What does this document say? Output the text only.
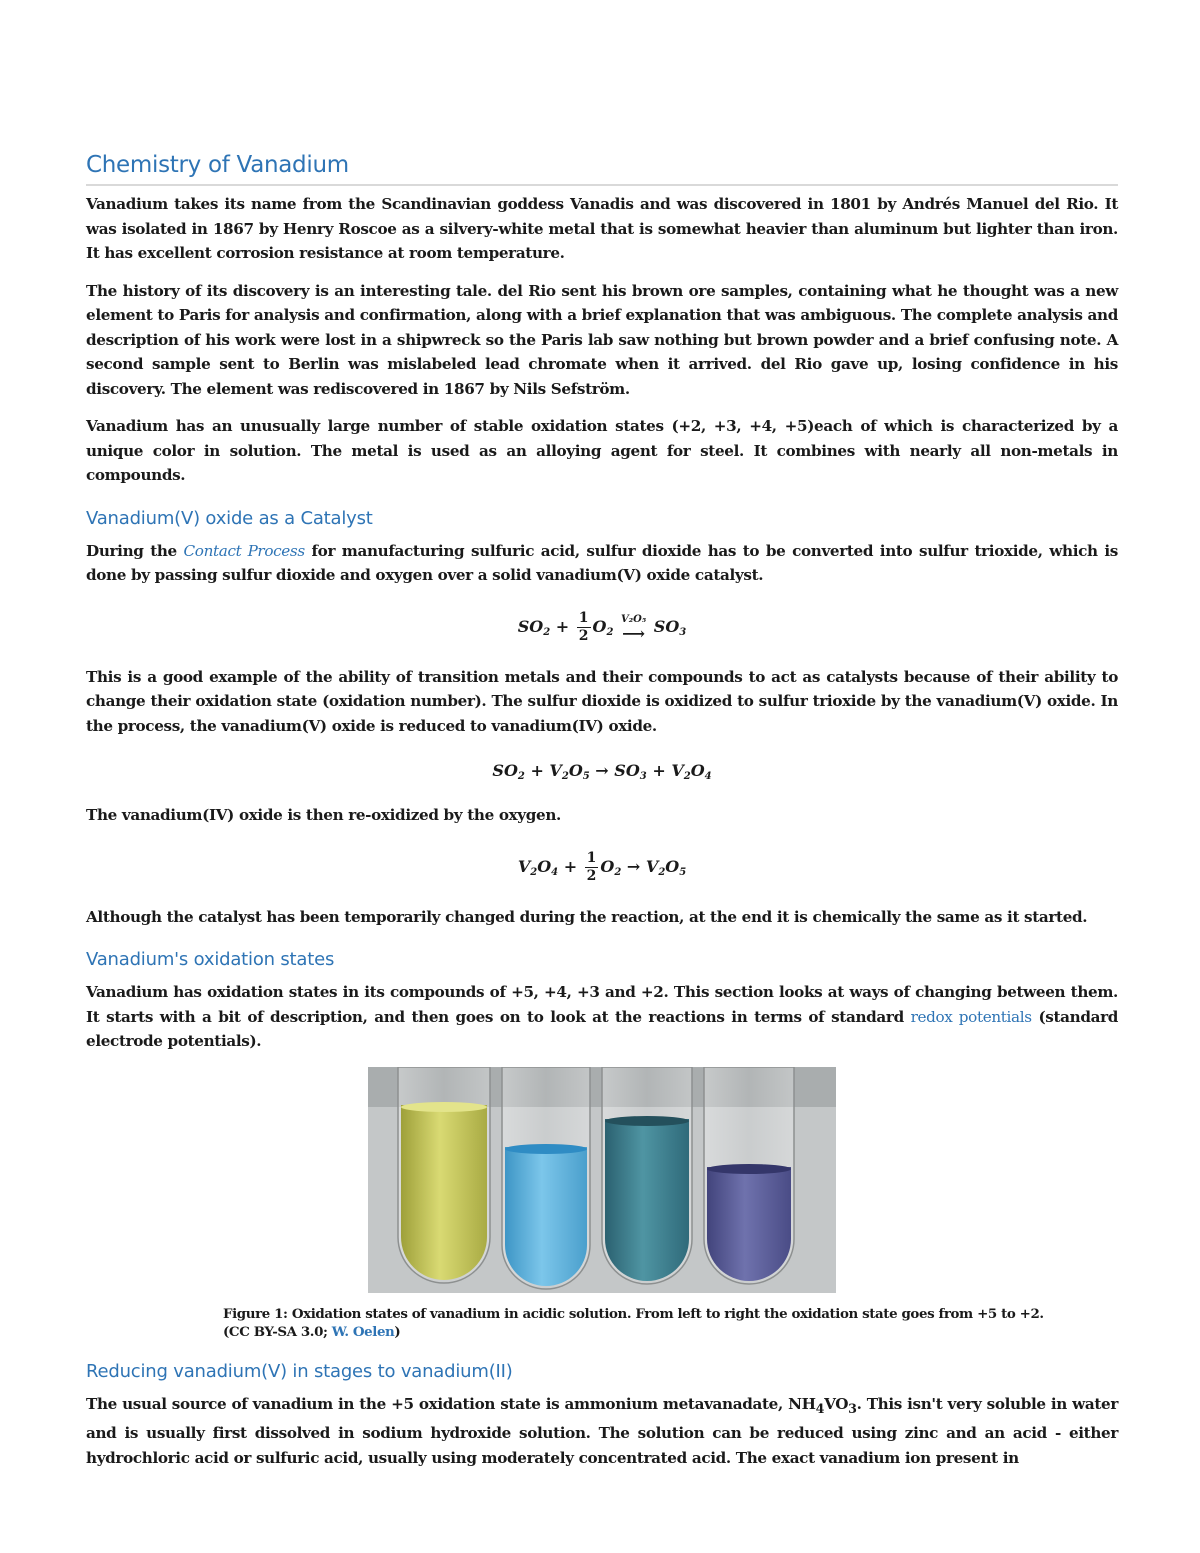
Chemistry of Vanadium

Vanadium takes its name from the Scandinavian goddess Vanadis and was discovered in 1801 by Andrés Manuel del Rio. It was isolated in 1867 by Henry Roscoe as a silvery-white metal that is somewhat heavier than aluminum but lighter than iron. It has excellent corrosion resistance at room temperature.

The history of its discovery is an interesting tale. del Rio sent his brown ore samples, containing what he thought was a new element to Paris for analysis and confirmation, along with a brief explanation that was ambiguous. The complete analysis and description of his work were lost in a shipwreck so the Paris lab saw nothing but brown powder and a brief confusing note. A second sample sent to Berlin was mislabeled lead chromate when it arrived. del Rio gave up, losing confidence in his discovery. The element was rediscovered in 1867 by Nils Sefström.

Vanadium has an unusually large number of stable oxidation states (+2, +3, +4, +5)each of which is characterized by a unique color in solution. The metal is used as an alloying agent for steel. It combines with nearly all non-metals in compounds.

Vanadium(V) oxide as a Catalyst

During the Contact Process for manufacturing sulfuric acid, sulfur dioxide has to be converted into sulfur trioxide, which is done by passing sulfur dioxide and oxygen over a solid vanadium(V) oxide catalyst.

$SO_2 + \frac{1}{2} O_2$
V₂O₅
⟶ $SO_3$

This is a good example of the ability of transition metals and their compounds to act as catalysts because of their ability to change their oxidation state (oxidation number). The sulfur dioxide is oxidized to sulfur trioxide by the vanadium(V) oxide. In the process, the vanadium(V) oxide is reduced to vanadium(IV) oxide.

$SO_2 + V_2O_5 \to SO_3 + V_2O_4$

The vanadium(IV) oxide is then re-oxidized by the oxygen.

$V_2O_4 + \frac{1}{2} O_2 \to V_2O_5$

Although the catalyst has been temporarily changed during the reaction, at the end it is chemically the same as it started.

Vanadium's oxidation states

Vanadium has oxidation states in its compounds of +5, +4, +3 and +2. This section looks at ways of changing between them. It starts with a bit of description, and then goes on to look at the reactions in terms of standard redox potentials (standard electrode potentials).

Figure 1: Oxidation states of vanadium in acidic solution. From left to right the oxidation state goes from +5 to +2. (CC BY-SA 3.0; W. Oelen)
Reducing vanadium(V) in stages to vanadium(II)

The usual source of vanadium in the +5 oxidation state is ammonium metavanadate, $NH_4VO_3$. This isn't very soluble in water and is usually first dissolved in sodium hydroxide solution. The solution can be reduced using zinc and an acid - either hydrochloric acid or sulfuric acid, usually using moderately concentrated acid. The exact vanadium ion present in
